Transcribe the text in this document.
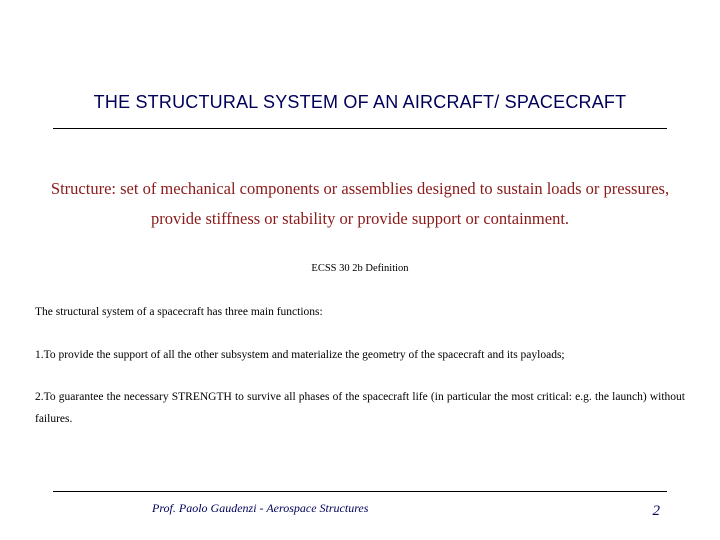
THE STRUCTURAL SYSTEM OF AN AIRCRAFT/ SPACECRAFT
Structure: set of mechanical components or assemblies designed to sustain loads or pressures, provide stiffness or stability or provide support or containment.
ECSS 30 2b Definition
The structural system of a spacecraft has three main functions:
1.To provide the support of all the other subsystem and materialize the geometry of the spacecraft and its payloads;
2.To guarantee the necessary STRENGTH to survive all phases of the spacecraft life (in particular the most critical: e.g. the launch) without failures.
Prof. Paolo Gaudenzi - Aerospace Structures	2
